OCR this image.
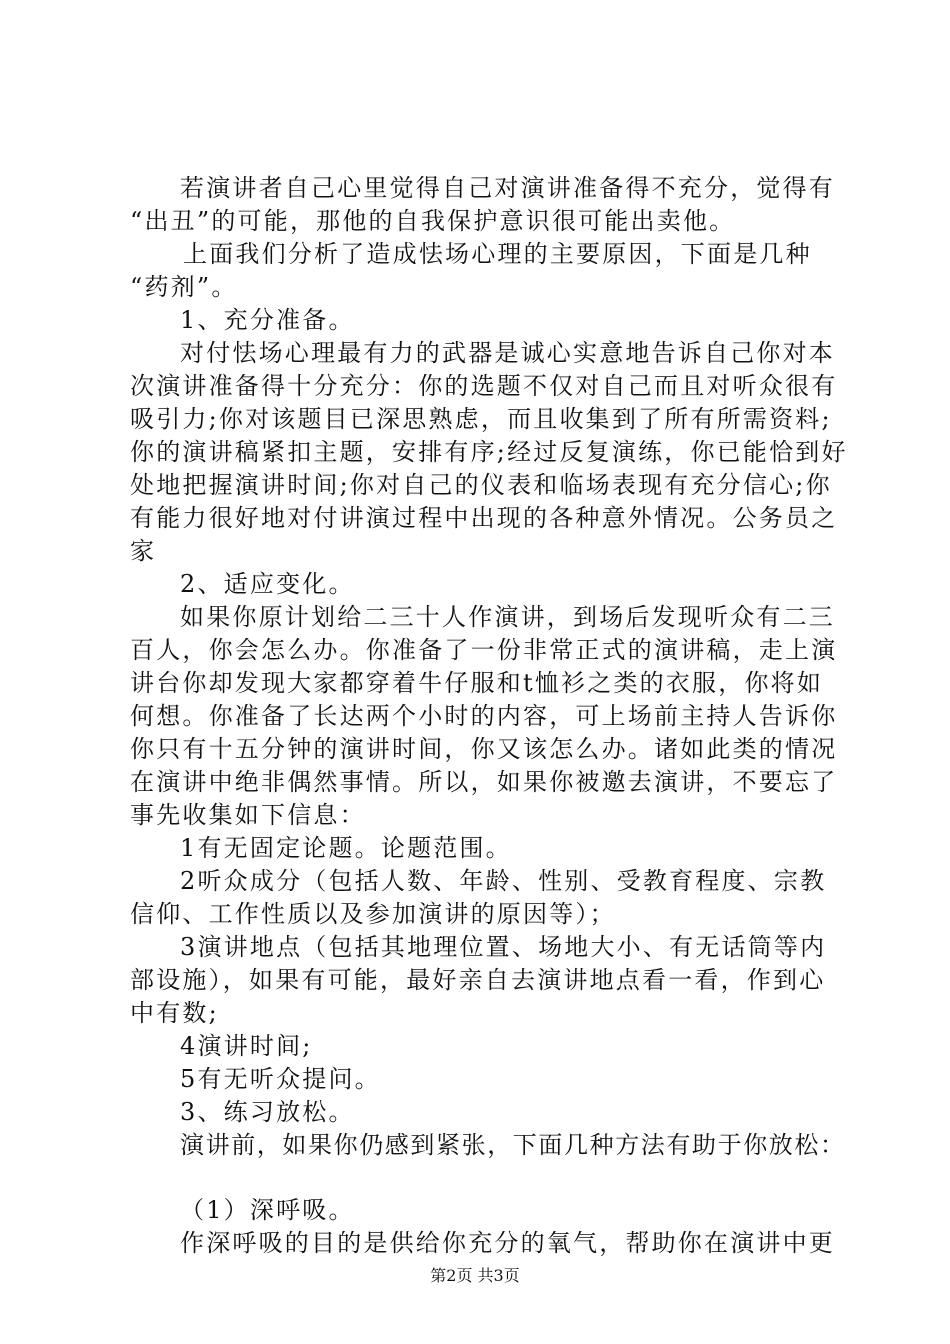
若演讲者自己心里觉得自己对演讲准备得不充分，觉得有
“出丑”的可能，那他的自我保护意识很可能出卖他。
上面我们分析了造成怯场心理的主要原因，下面是几种
“药剂”。
1、充分准备。
对付怯场心理最有力的武器是诚心实意地告诉自己你对本
次演讲准备得十分充分：你的选题不仅对自己而且对听众很有
吸引力;你对该题目已深思熟虑，而且收集到了所有所需资料;
你的演讲稿紧扣主题，安排有序;经过反复演练，你已能恰到好
处地把握演讲时间;你对自己的仪表和临场表现有充分信心;你
有能力很好地对付讲演过程中出现的各种意外情况。公务员之
家
2、适应变化。
如果你原计划给二三十人作演讲，到场后发现听众有二三
百人，你会怎么办。你准备了一份非常正式的演讲稿，走上演
讲台你却发现大家都穿着牛仔服和t恤衫之类的衣服，你将如
何想。你准备了长达两个小时的内容，可上场前主持人告诉你
你只有十五分钟的演讲时间，你又该怎么办。诸如此类的情况
在演讲中绝非偶然事情。所以，如果你被邀去演讲，不要忘了
事先收集如下信息：
1有无固定论题。论题范围。
2听众成分（包括人数、年龄、性别、受教育程度、宗教
信仰、工作性质以及参加演讲的原因等）；
3演讲地点（包括其地理位置、场地大小、有无话筒等内
部设施），如果有可能，最好亲自去演讲地点看一看，作到心
中有数;
4演讲时间;
5有无听众提问。
3、练习放松。
演讲前，如果你仍感到紧张，下面几种方法有助于你放松：
（1）深呼吸。
作深呼吸的目的是供给你充分的氧气，帮助你在演讲中更
第2页 共3页
